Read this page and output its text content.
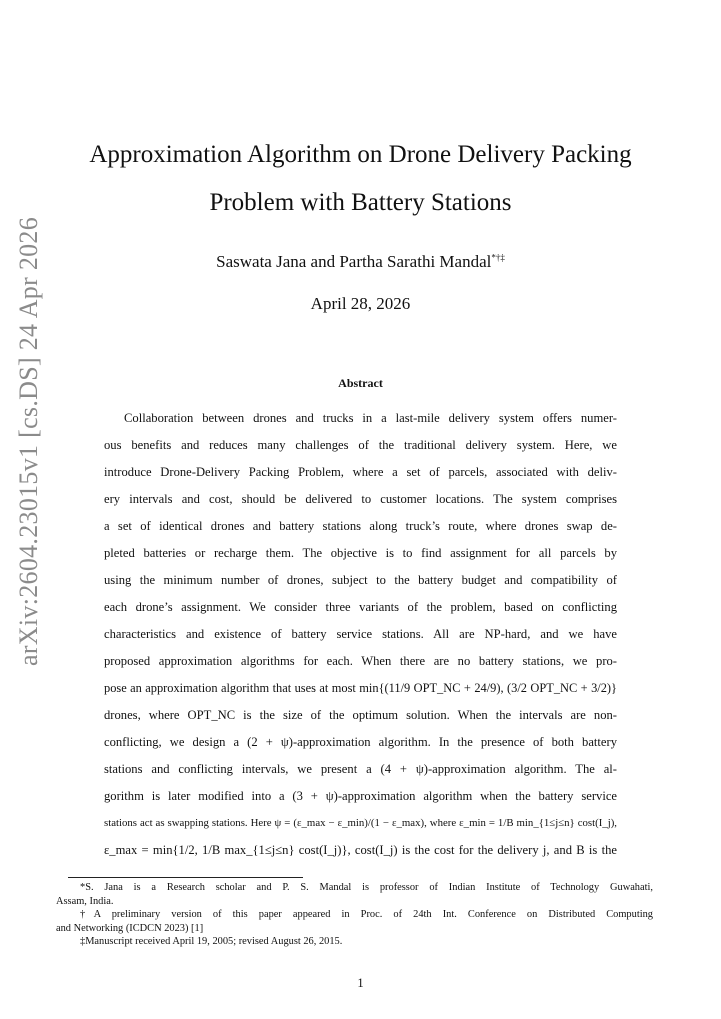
arXiv:2604.23015v1 [cs.DS] 24 Apr 2026
Approximation Algorithm on Drone Delivery Packing
Problem with Battery Stations
Saswata Jana and Partha Sarathi Mandal*†‡
April 28, 2026
Abstract
Collaboration between drones and trucks in a last-mile delivery system offers numer-
ous benefits and reduces many challenges of the traditional delivery system. Here, we
introduce Drone-Delivery Packing Problem, where a set of parcels, associated with deliv-
ery intervals and cost, should be delivered to customer locations. The system comprises
a set of identical drones and battery stations along truck’s route, where drones swap de-
pleted batteries or recharge them. The objective is to find assignment for all parcels by
using the minimum number of drones, subject to the battery budget and compatibility of
each drone’s assignment. We consider three variants of the problem, based on conflicting
characteristics and existence of battery service stations. All are NP-hard, and we have
proposed approximation algorithms for each. When there are no battery stations, we pro-
pose an approximation algorithm that uses at most min{(11/9 OPT_NC + 24/9), (3/2 OPT_NC + 3/2)}
drones, where OPT_NC is the size of the optimum solution. When the intervals are non-
conflicting, we design a (2 + ψ)-approximation algorithm. In the presence of both battery
stations and conflicting intervals, we present a (4 + ψ)-approximation algorithm. The al-
gorithm is later modified into a (3 + ψ)-approximation algorithm when the battery service
stations act as swapping stations. Here ψ = (ε_max − ε_min)/(1 − ε_max), where ε_min = 1/B min_{1≤j≤n} cost(I_j),
ε_max = min{1/2, 1/B max_{1≤j≤n} cost(I_j)}, cost(I_j) is the cost for the delivery j, and B is the

*S. Jana is a Research scholar and P. S. Mandal is professor of Indian Institute of Technology Guwahati,
Assam, India.

†A preliminary version of this paper appeared in Proc. of 24th Int. Conference on Distributed Computing
and Networking (ICDCN 2023) [1]

‡Manuscript received April 19, 2005; revised August 26, 2015.

1
